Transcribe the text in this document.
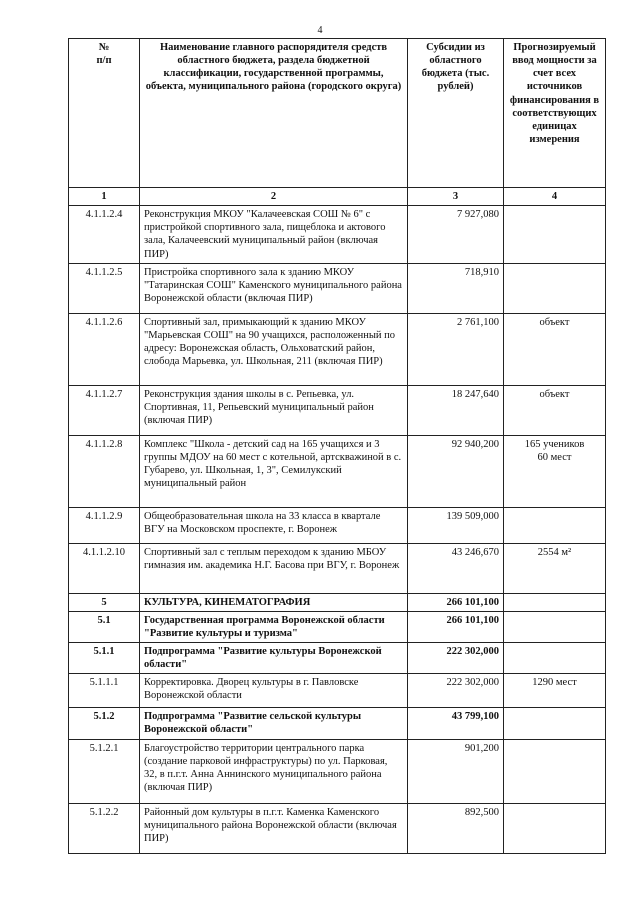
4
№
п/п	Наименование главного распорядителя средств областного бюджета, раздела бюджетной классификации, государственной программы, объекта, муниципального района (городского округа)	Субсидии из областного бюджета (тыс. рублей)	Прогнозируемый ввод мощности за счет всех источников финансирования в соответствующих единицах измерения
1	2	3	4
4.1.1.2.4	Реконструкция МКОУ "Калачеевская СОШ № 6" с пристройкой спортивного зала, пищеблока и актового зала, Калачеевский муниципальный район (включая ПИР)	7 927,080	
4.1.1.2.5	Пристройка спортивного зала к зданию МКОУ "Татаринская СОШ" Каменского муниципального района Воронежской области (включая ПИР)	718,910	
4.1.1.2.6	Спортивный зал, примыкающий к зданию МКОУ "Марьевская СОШ" на 90 учащихся, расположенный по адресу: Воронежская область, Ольховатский район, слобода Марьевка, ул. Школьная, 211 (включая ПИР)	2 761,100	объект
4.1.1.2.7	Реконструкция здания школы в с. Репьевка, ул. Спортивная, 11, Репьевский муниципальный район (включая ПИР)	18 247,640	объект
4.1.1.2.8	Комплекс "Школа - детский сад на 165 учащихся и 3 группы МДОУ на 60 мест с котельной, артскважиной в с. Губарево, ул. Школьная, 1, 3", Семилукский муниципальный район	92 940,200	165 учеников
60 мест
4.1.1.2.9	Общеобразовательная школа на 33 класса в квартале ВГУ на Московском проспекте, г. Воронеж	139 509,000	
4.1.1.2.10	Спортивный зал с теплым переходом к зданию МБОУ гимназия им. академика Н.Г. Басова при ВГУ, г. Воронеж	43 246,670	2554 м²
5	КУЛЬТУРА, КИНЕМАТОГРАФИЯ	266 101,100	
5.1	Государственная программа Воронежской области "Развитие культуры и туризма"	266 101,100	
5.1.1	Подпрограмма "Развитие культуры Воронежской области"	222 302,000	
5.1.1.1	Корректировка. Дворец культуры в г. Павловске Воронежской области	222 302,000	1290 мест
5.1.2	Подпрограмма "Развитие сельской культуры Воронежской области"	43 799,100	
5.1.2.1	Благоустройство территории центрального парка (создание парковой инфраструктуры) по ул. Парковая, 32, в п.г.т. Анна Аннинского муниципального района (включая ПИР)	901,200	
5.1.2.2	Районный дом культуры в п.г.т. Каменка Каменского муниципального района Воронежской области (включая ПИР)	892,500	
